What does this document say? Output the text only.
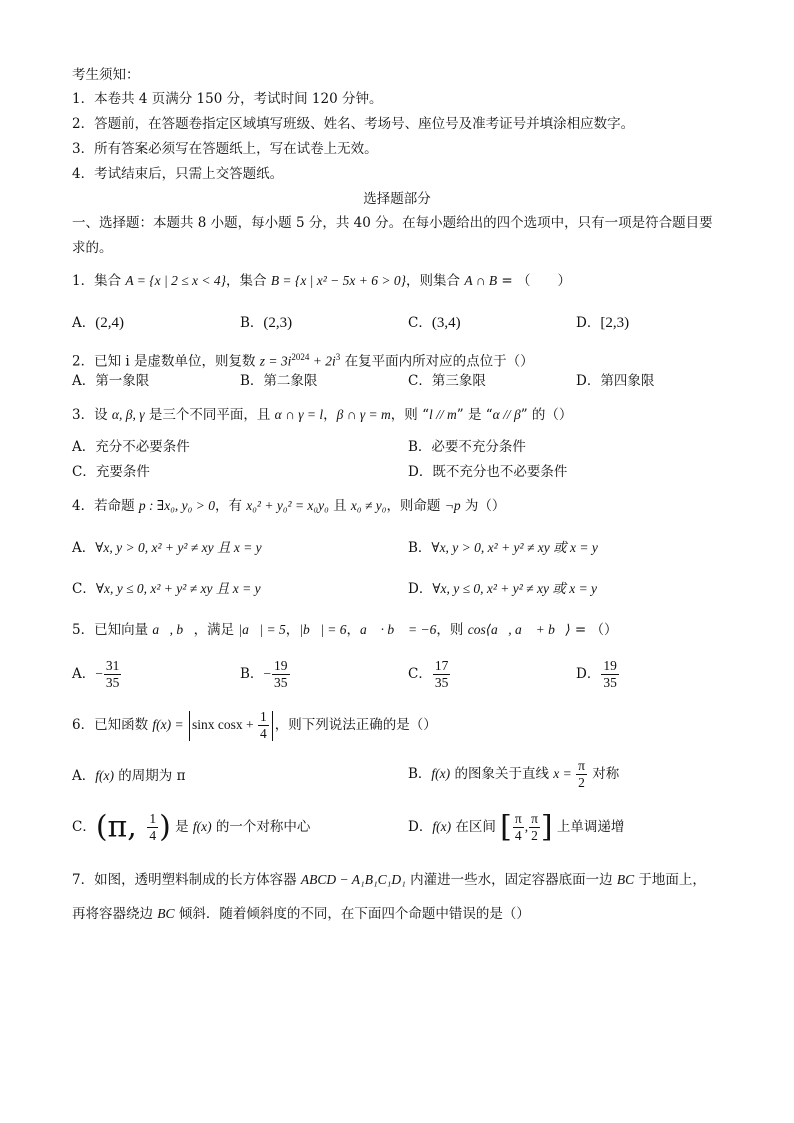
考生须知：
1．本卷共 4 页满分 150 分，考试时间 120 分钟。
2．答题前，在答题卷指定区域填写班级、姓名、考场号、座位号及准考证号并填涂相应数字。
3．所有答案必须写在答题纸上，写在试卷上无效。
4．考试结束后，只需上交答题纸。
选择题部分
一、选择题：本题共 8 小题，每小题 5 分，共 40 分。在每小题给出的四个选项中，只有一项是符合题目要
求的。
1．集合 A = {x | 2 ≤ x < 4}，集合 B = {x | x² − 5x + 6 > 0}，则集合 A ∩ B = （　　）
A．(2,4)	B．(2,3)	C．(3,4)	D．[2,3)
2．已知 i 是虚数单位，则复数 $z = 3i^{2024} + 2i^3$ 在复平面内所对应的点位于（）
A．第一象限	B．第二象限	C．第三象限	D．第四象限
3．设 α, β, γ 是三个不同平面，且 α ∩ γ = l，β ∩ γ = m，则 “l // m” 是 “α // β” 的（）
A．充分不必要条件	B．必要不充分条件
C．充要条件	D．既不充分也不必要条件
4．若命题 p : ∃x₀, y₀ > 0，有 x₀² + y₀² = x₀y₀ 且 x₀ ≠ y₀，则命题 ¬p 为（）
A．∀x, y > 0, x² + y² ≠ xy 且 x = y	B．∀x, y > 0, x² + y² ≠ xy 或 x = y
C．∀x, y ≤ 0, x² + y² ≠ xy 且 x = y	D．∀x, y ≤ 0, x² + y² ≠ xy 或 x = y
5．已知向量 a⃗, b⃗，满足 |a⃗| = 5，|b⃗| = 6，a⃗ · b⃗ = −6，则 cos⟨a⃗, a⃗ + b⃗⟩ = （）
A．− $\frac{31}{35}$	B．− $\frac{19}{35}$	C． $\frac{17}{35}$	D． $\frac{19}{35}$
6．已知函数 f(x) = sinx $\cos x + \frac{1}{4}$ ，则下列说法正确的是（）
A．f(x) 的周期为 π	B．f(x) 的图象关于直线 $x = \frac{\pi}{2}$ 对称
C．(π, $\frac{1}{4}$ ) 是 f(x) 的一个对称中心	D．f(x) 在区间 [ $\frac{\pi}{4}$ , $\frac{\pi}{2}$ ] 上单调递增
7．如图，透明塑料制成的长方体容器 ABCD − A₁B₁C₁D₁ 内灌进一些水，固定容器底面一边 BC 于地面上，
再将容器绕边 BC 倾斜．随着倾斜度的不同，在下面四个命题中错误的是（）
